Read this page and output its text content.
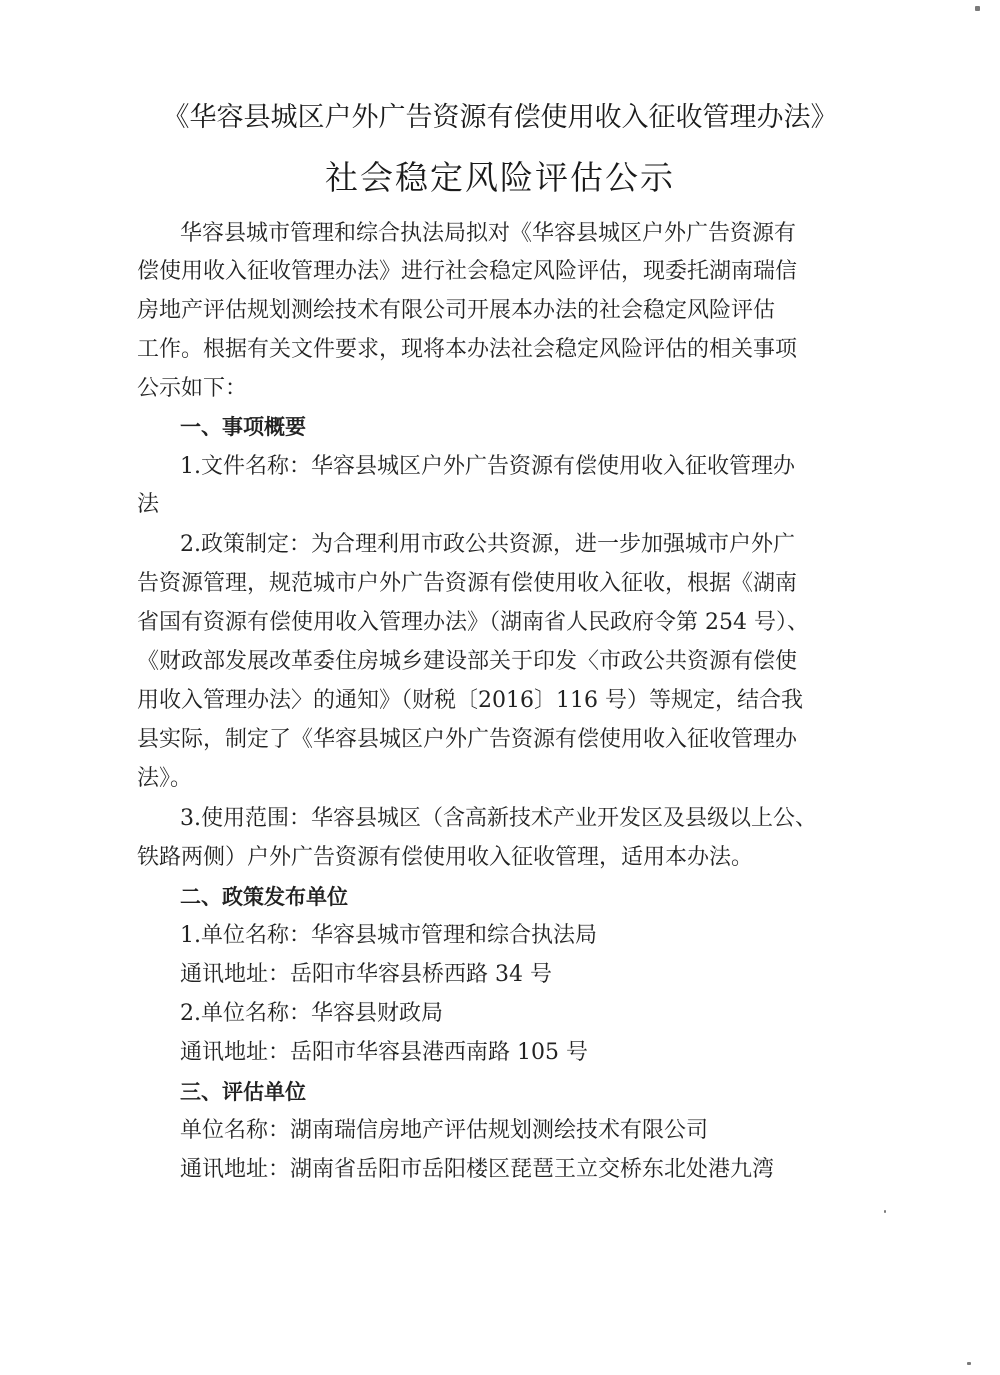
《华容县城区户外广告资源有偿使用收入征收管理办法》
社会稳定风险评估公示
华容县城市管理和综合执法局拟对《华容县城区户外广告资源有
偿使用收入征收管理办法》进行社会稳定风险评估，现委托湖南瑞信
房地产评估规划测绘技术有限公司开展本办法的社会稳定风险评估
工作。根据有关文件要求，现将本办法社会稳定风险评估的相关事项
公示如下：
一、事项概要
1.文件名称：华容县城区户外广告资源有偿使用收入征收管理办
法
2.政策制定：为合理利用市政公共资源，进一步加强城市户外广
告资源管理，规范城市户外广告资源有偿使用收入征收，根据《湖南
省国有资源有偿使用收入管理办法》（湖南省人民政府令第 254 号）、
《财政部发展改革委住房城乡建设部关于印发〈市政公共资源有偿使
用收入管理办法〉的通知》（财税〔2016〕116 号）等规定，结合我
县实际，制定了《华容县城区户外广告资源有偿使用收入征收管理办
法》。
3.使用范围：华容县城区（含高新技术产业开发区及县级以上公、
铁路两侧）户外广告资源有偿使用收入征收管理，适用本办法。
二、政策发布单位
1.单位名称：华容县城市管理和综合执法局
通讯地址：岳阳市华容县桥西路 34 号
2.单位名称：华容县财政局
通讯地址：岳阳市华容县港西南路 105 号
三、评估单位
单位名称：湖南瑞信房地产评估规划测绘技术有限公司
通讯地址：湖南省岳阳市岳阳楼区琵琶王立交桥东北处港九湾
